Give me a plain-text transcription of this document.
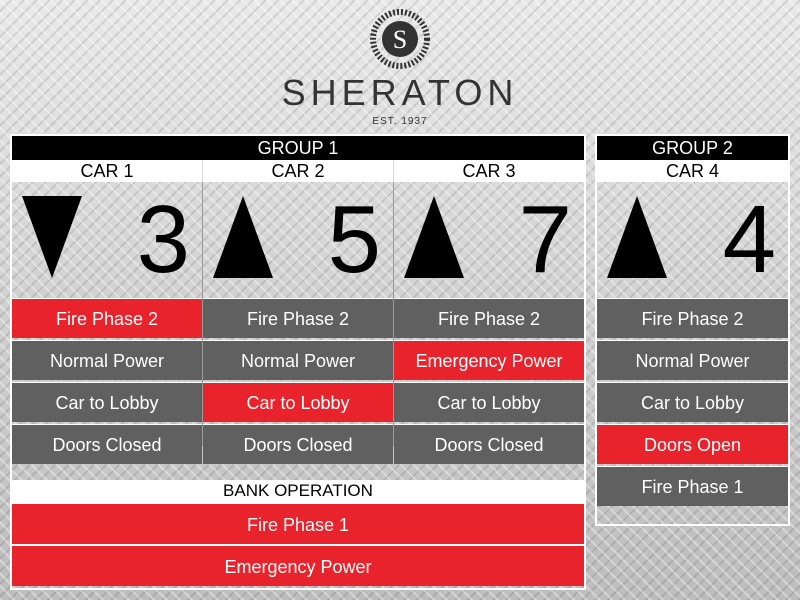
S
SHERATON
EST. 1937
GROUP 1
CAR 1	CAR 2	CAR 3
3
Fire Phase 2
Normal Power
Car to Lobby
Doors Closed
5
Fire Phase 2
Normal Power
Car to Lobby
Doors Closed
7
Fire Phase 2
Emergency Power
Car to Lobby
Doors Closed
BANK OPERATION
Fire Phase 1
Emergency Power
GROUP 2
CAR 4
4
Fire Phase 2
Normal Power
Car to Lobby
Doors Open
Fire Phase 1
